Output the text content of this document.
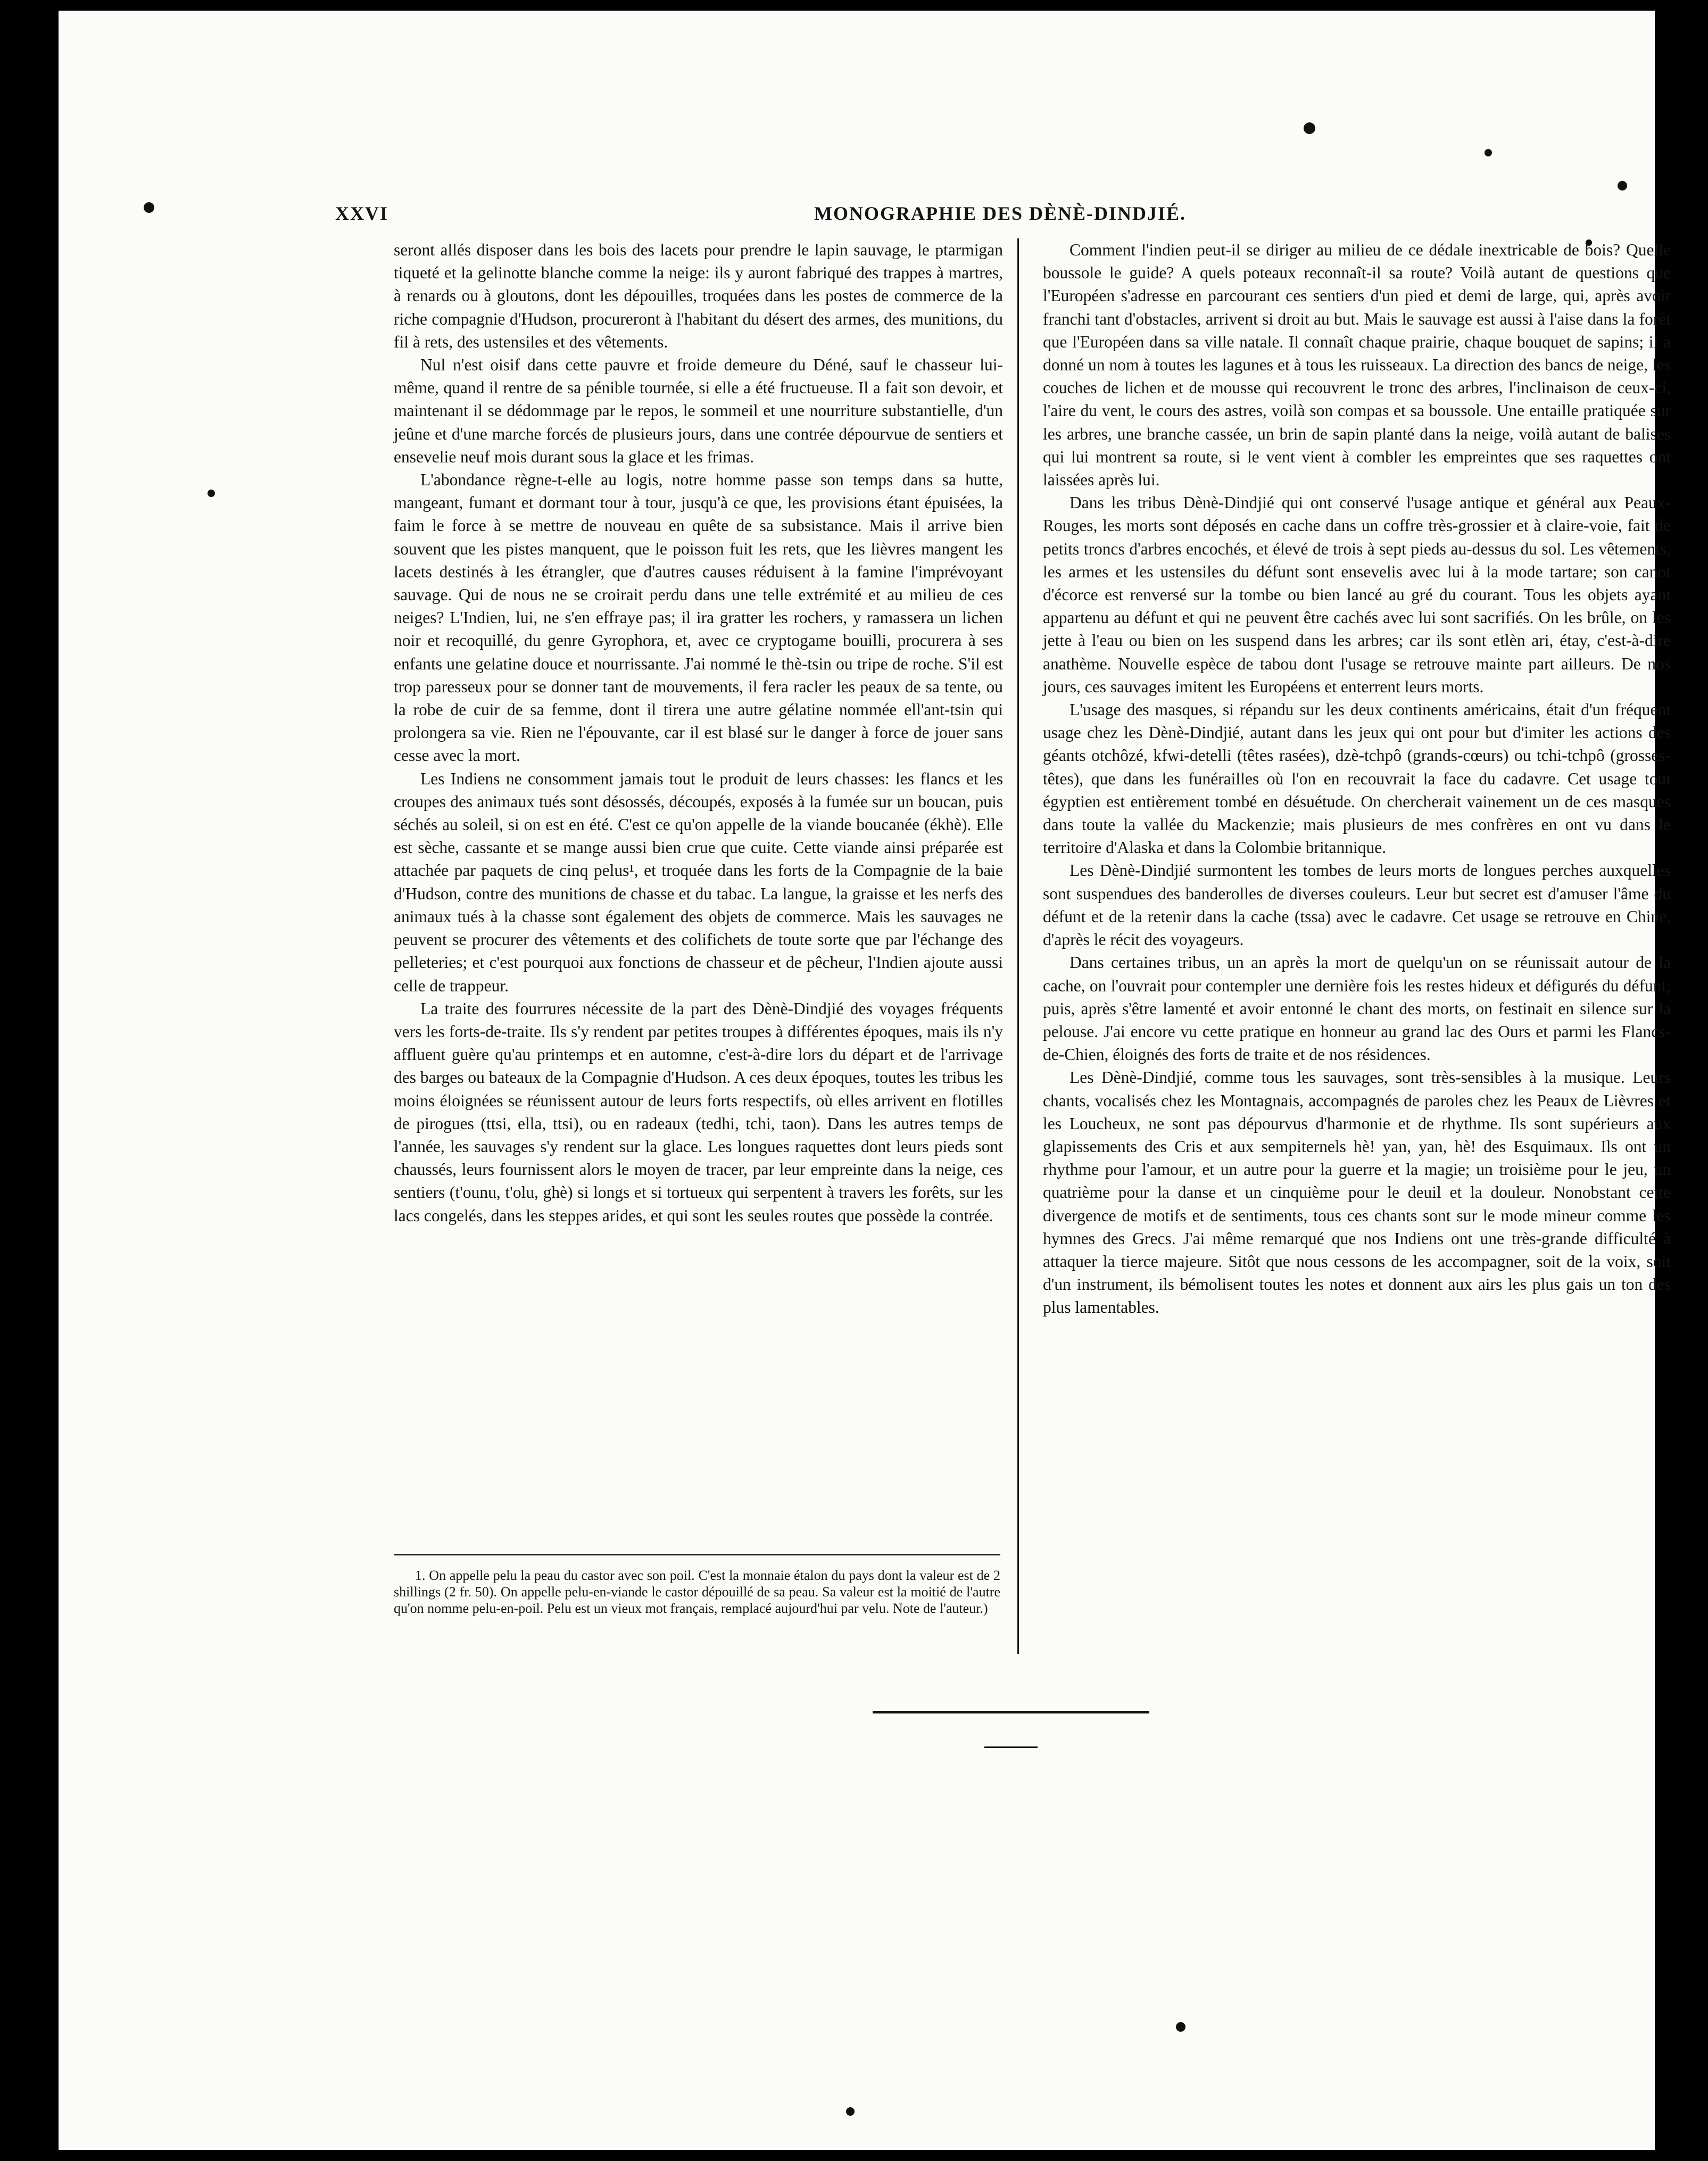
XXVI	MONOGRAPHIE DES DÈNÈ-DINDJIÉ.

seront allés disposer dans les bois des lacets pour prendre le lapin sauvage, le ptarmigan tiqueté et la gelinotte blanche comme la neige: ils y auront fabriqué des trappes à martres, à renards ou à gloutons, dont les dépouilles, troquées dans les postes de commerce de la riche compagnie d'Hudson, procureront à l'habitant du désert des armes, des munitions, du fil à rets, des ustensiles et des vêtements.

Nul n'est oisif dans cette pauvre et froide demeure du Déné, sauf le chasseur lui-même, quand il rentre de sa pénible tournée, si elle a été fructueuse. Il a fait son devoir, et maintenant il se dédommage par le repos, le sommeil et une nourriture substantielle, d'un jeûne et d'une marche forcés de plusieurs jours, dans une contrée dépourvue de sentiers et ensevelie neuf mois durant sous la glace et les frimas.

L'abondance règne-t-elle au logis, notre homme passe son temps dans sa hutte, mangeant, fumant et dormant tour à tour, jusqu'à ce que, les provisions étant épuisées, la faim le force à se mettre de nouveau en quête de sa subsistance. Mais il arrive bien souvent que les pistes manquent, que le poisson fuit les rets, que les lièvres mangent les lacets destinés à les étrangler, que d'autres causes réduisent à la famine l'imprévoyant sauvage. Qui de nous ne se croirait perdu dans une telle extrémité et au milieu de ces neiges? L'Indien, lui, ne s'en effraye pas; il ira gratter les rochers, y ramassera un lichen noir et recoquillé, du genre Gyrophora, et, avec ce cryptogame bouilli, procurera à ses enfants une gelatine douce et nourrissante. J'ai nommé le thè-tsin ou tripe de roche. S'il est trop paresseux pour se donner tant de mouvements, il fera racler les peaux de sa tente, ou la robe de cuir de sa femme, dont il tirera une autre gélatine nommée ell'ant-tsin qui prolongera sa vie. Rien ne l'épouvante, car il est blasé sur le danger à force de jouer sans cesse avec la mort.

Les Indiens ne consomment jamais tout le produit de leurs chasses: les flancs et les croupes des animaux tués sont désossés, découpés, exposés à la fumée sur un boucan, puis séchés au soleil, si on est en été. C'est ce qu'on appelle de la viande boucanée (ékhè). Elle est sèche, cassante et se mange aussi bien crue que cuite. Cette viande ainsi préparée est attachée par paquets de cinq pelus¹, et troquée dans les forts de la Compagnie de la baie d'Hudson, contre des munitions de chasse et du tabac. La langue, la graisse et les nerfs des animaux tués à la chasse sont également des objets de commerce. Mais les sauvages ne peuvent se procurer des vêtements et des colifichets de toute sorte que par l'échange des pelleteries; et c'est pourquoi aux fonctions de chasseur et de pêcheur, l'Indien ajoute aussi celle de trappeur.

La traite des fourrures nécessite de la part des Dènè-Dindjié des voyages fréquents vers les forts-de-traite. Ils s'y rendent par petites troupes à différentes époques, mais ils n'y affluent guère qu'au printemps et en automne, c'est-à-dire lors du départ et de l'arrivage des barges ou bateaux de la Compagnie d'Hudson. A ces deux époques, toutes les tribus les moins éloignées se réunissent autour de leurs forts respectifs, où elles arrivent en flotilles de pirogues (ttsi, ella, ttsi), ou en radeaux (tedhi, tchi, taon). Dans les autres temps de l'année, les sauvages s'y rendent sur la glace. Les longues raquettes dont leurs pieds sont chaussés, leurs fournissent alors le moyen de tracer, par leur empreinte dans la neige, ces sentiers (t'ounu, t'olu, ghè) si longs et si tortueux qui serpentent à travers les forêts, sur les lacs congelés, dans les steppes arides, et qui sont les seules routes que possède la contrée.

1. On appelle pelu la peau du castor avec son poil. C'est la monnaie étalon du pays dont la valeur est de 2 shillings (2 fr. 50). On appelle pelu-en-viande le castor dépouillé de sa peau. Sa valeur est la moitié de l'autre qu'on nomme pelu-en-poil. Pelu est un vieux mot français, remplacé aujourd'hui par velu. Note de l'auteur.)

Comment l'indien peut-il se diriger au milieu de ce dédale inextricable de bois? Quelle boussole le guide? A quels poteaux reconnaît-il sa route? Voilà autant de questions que l'Européen s'adresse en parcourant ces sentiers d'un pied et demi de large, qui, après avoir franchi tant d'obstacles, arrivent si droit au but. Mais le sauvage est aussi à l'aise dans la forêt que l'Européen dans sa ville natale. Il connaît chaque prairie, chaque bouquet de sapins; il a donné un nom à toutes les lagunes et à tous les ruisseaux. La direction des bancs de neige, les couches de lichen et de mousse qui recouvrent le tronc des arbres, l'inclinaison de ceux-ci, l'aire du vent, le cours des astres, voilà son compas et sa boussole. Une entaille pratiquée sur les arbres, une branche cassée, un brin de sapin planté dans la neige, voilà autant de balises qui lui montrent sa route, si le vent vient à combler les empreintes que ses raquettes ont laissées après lui.

Dans les tribus Dènè-Dindjié qui ont conservé l'usage antique et général aux Peaux-Rouges, les morts sont déposés en cache dans un coffre très-grossier et à claire-voie, fait de petits troncs d'arbres encochés, et élevé de trois à sept pieds au-dessus du sol. Les vêtements, les armes et les ustensiles du défunt sont ensevelis avec lui à la mode tartare; son canot d'écorce est renversé sur la tombe ou bien lancé au gré du courant. Tous les objets ayant appartenu au défunt et qui ne peuvent être cachés avec lui sont sacrifiés. On les brûle, on les jette à l'eau ou bien on les suspend dans les arbres; car ils sont etlèn ari, étay, c'est-à-dire anathème. Nouvelle espèce de tabou dont l'usage se retrouve mainte part ailleurs. De nos jours, ces sauvages imitent les Européens et enterrent leurs morts.

L'usage des masques, si répandu sur les deux continents américains, était d'un fréquent usage chez les Dènè-Dindjié, autant dans les jeux qui ont pour but d'imiter les actions des géants otchôzé, kfwi-detelli (têtes rasées), dzè-tchpô (grands-cœurs) ou tchi-tchpô (grosses-têtes), que dans les funérailles où l'on en recouvrait la face du cadavre. Cet usage tout égyptien est entièrement tombé en désuétude. On chercherait vainement un de ces masques dans toute la vallée du Mackenzie; mais plusieurs de mes confrères en ont vu dans le territoire d'Alaska et dans la Colombie britannique.

Les Dènè-Dindjié surmontent les tombes de leurs morts de longues perches auxquelles sont suspendues des banderolles de diverses couleurs. Leur but secret est d'amuser l'âme du défunt et de la retenir dans la cache (tssa) avec le cadavre. Cet usage se retrouve en Chine, d'après le récit des voyageurs.

Dans certaines tribus, un an après la mort de quelqu'un on se réunissait autour de la cache, on l'ouvrait pour contempler une dernière fois les restes hideux et défigurés du défunt; puis, après s'être lamenté et avoir entonné le chant des morts, on festinait en silence sur la pelouse. J'ai encore vu cette pratique en honneur au grand lac des Ours et parmi les Flancs-de-Chien, éloignés des forts de traite et de nos résidences.

Les Dènè-Dindjié, comme tous les sauvages, sont très-sensibles à la musique. Leurs chants, vocalisés chez les Montagnais, accompagnés de paroles chez les Peaux de Lièvres et les Loucheux, ne sont pas dépourvus d'harmonie et de rhythme. Ils sont supérieurs aux glapissements des Cris et aux sempiternels hè! yan, yan, hè! des Esquimaux. Ils ont un rhythme pour l'amour, et un autre pour la guerre et la magie; un troisième pour le jeu, un quatrième pour la danse et un cinquième pour le deuil et la douleur. Nonobstant cette divergence de motifs et de sentiments, tous ces chants sont sur le mode mineur comme les hymnes des Grecs. J'ai même remarqué que nos Indiens ont une très-grande difficulté à attaquer la tierce majeure. Sitôt que nous cessons de les accompagner, soit de la voix, soit d'un instrument, ils bémolisent toutes les notes et donnent aux airs les plus gais un ton des plus lamentables.
